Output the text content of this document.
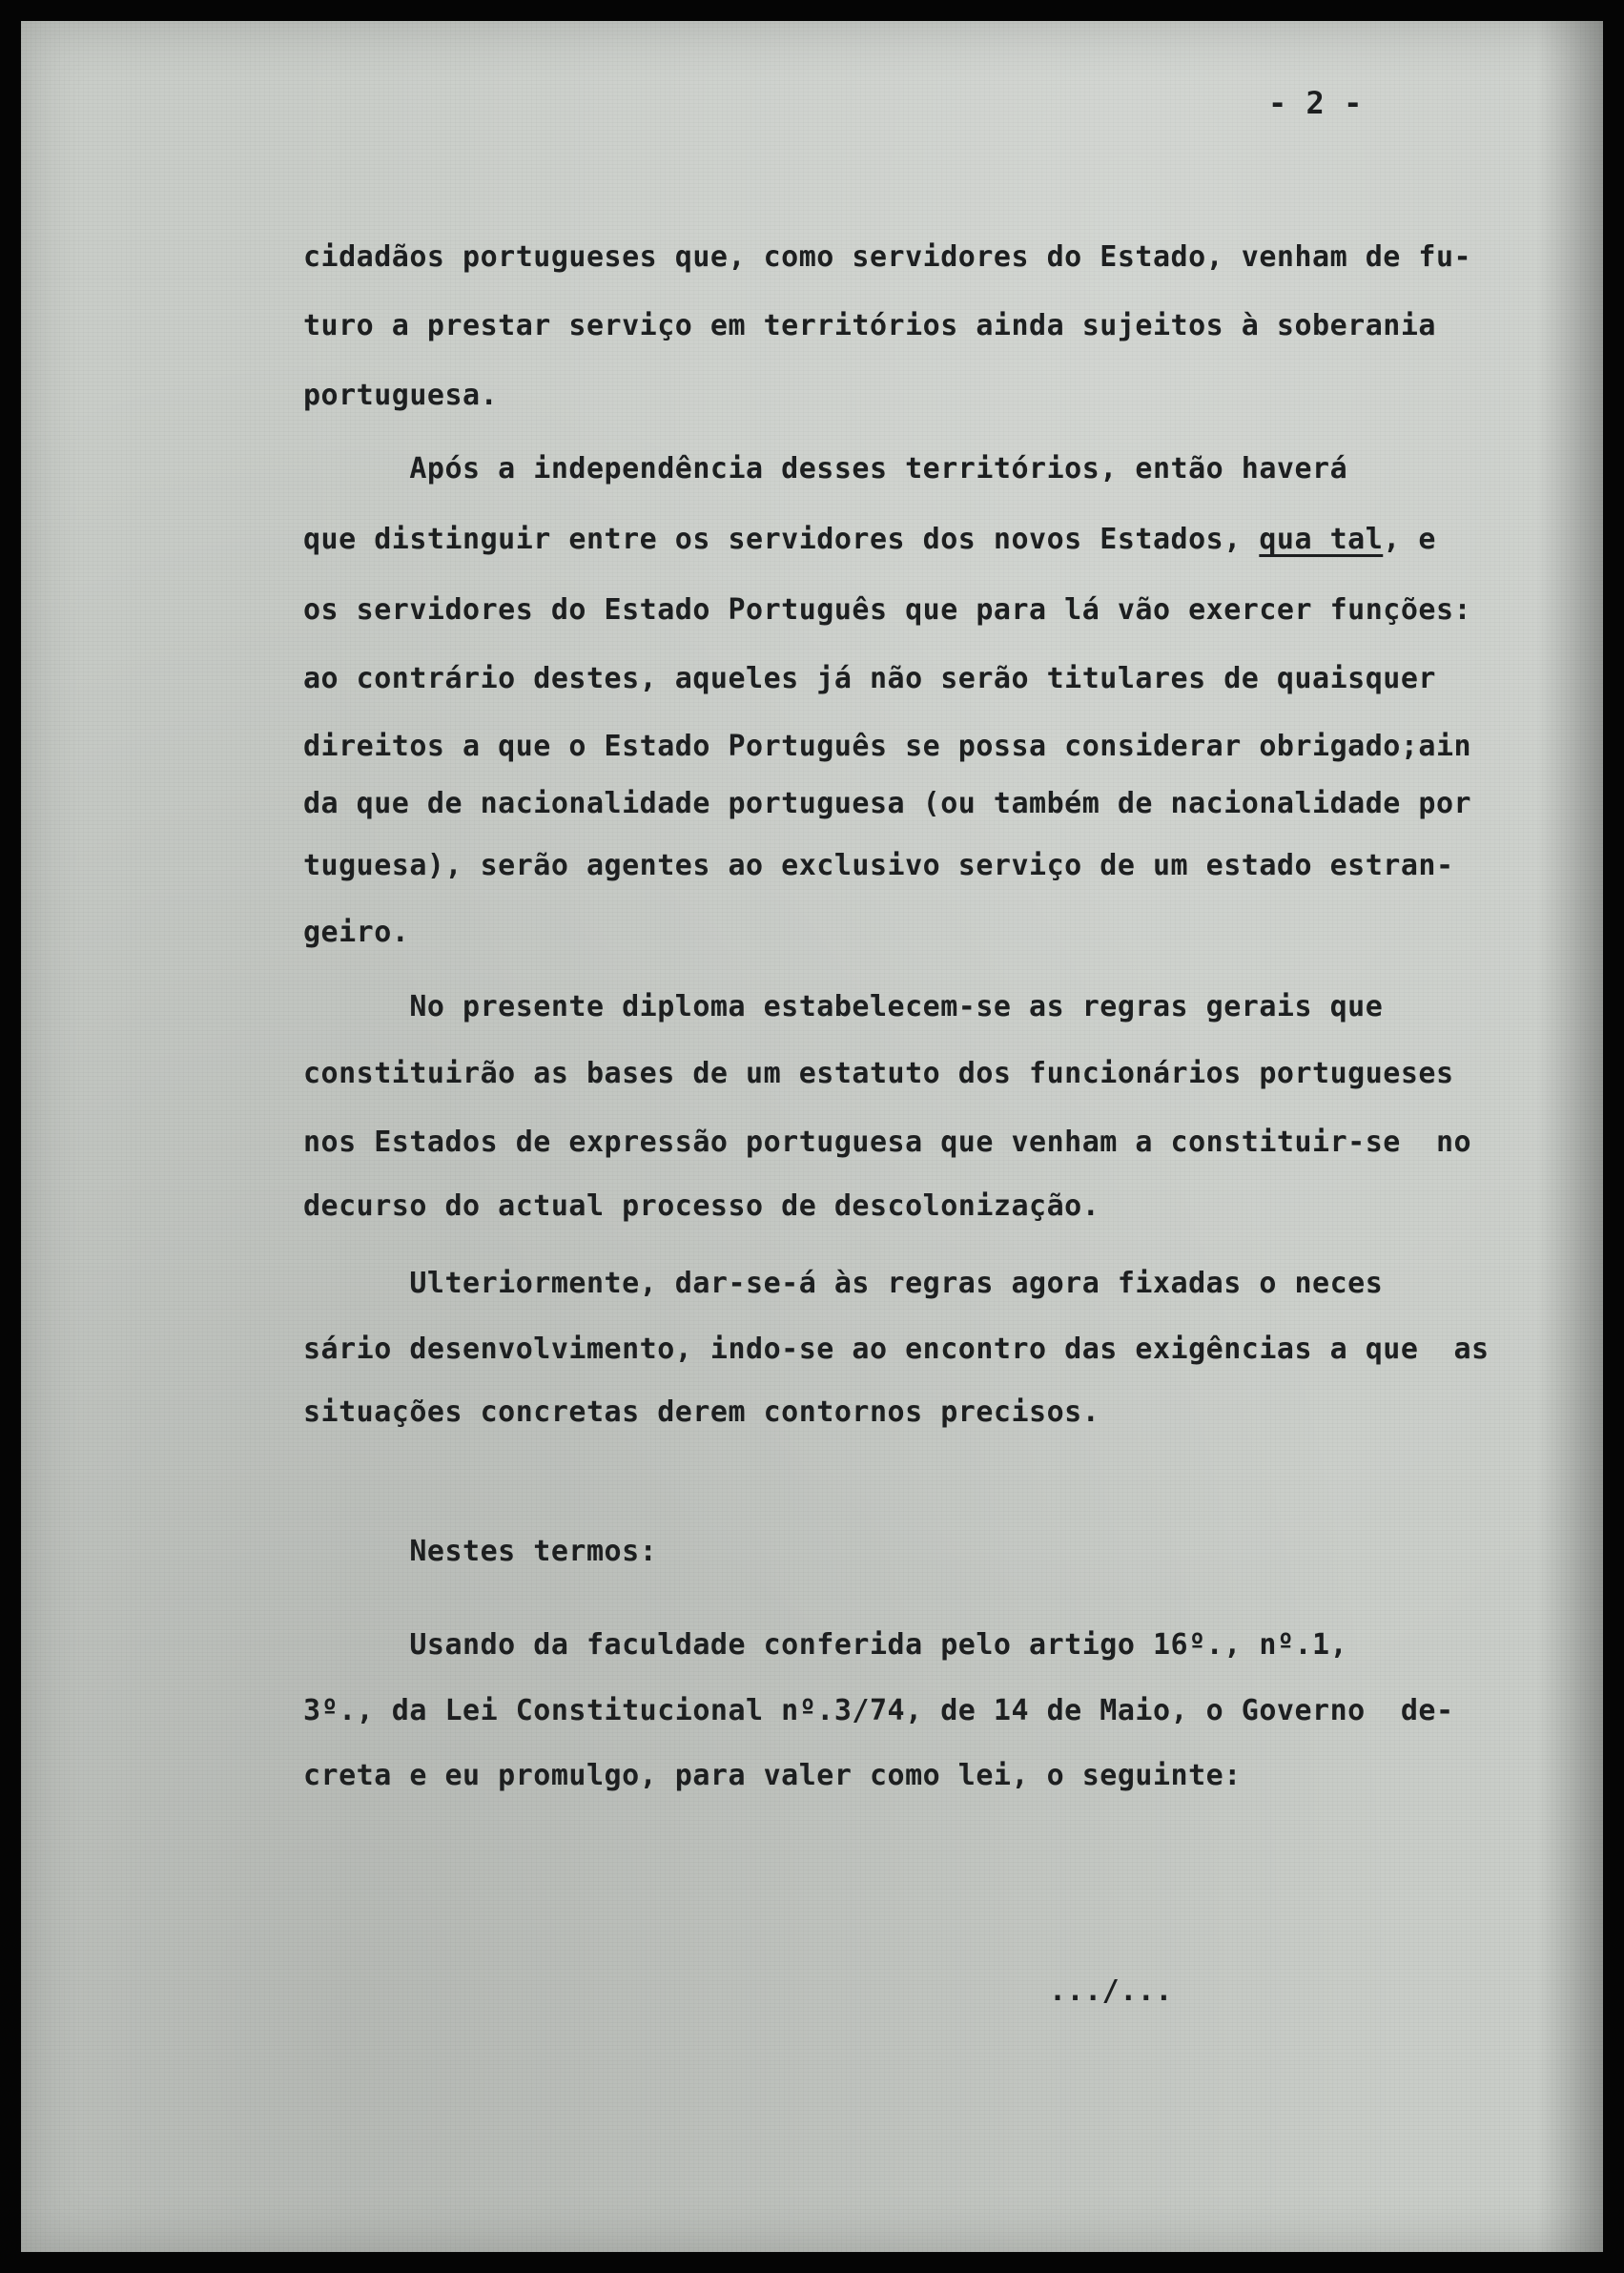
- 2 -
cidadãos portugueses que, como servidores do Estado, venham de fu-
turo a prestar serviço em territórios ainda sujeitos à soberania
portuguesa.
Após a independência desses territórios, então haverá
que distinguir entre os servidores dos novos Estados, qua tal, e
os servidores do Estado Português que para lá vão exercer funções:
ao contrário destes, aqueles já não serão titulares de quaisquer
direitos a que o Estado Português se possa considerar obrigado;ain
da que de nacionalidade portuguesa (ou também de nacionalidade por
tuguesa), serão agentes ao exclusivo serviço de um estado estran-
geiro.
No presente diploma estabelecem-se as regras gerais que
constituirão as bases de um estatuto dos funcionários portugueses
nos Estados de expressão portuguesa que venham a constituir-se  no
decurso do actual processo de descolonização.
Ulteriormente, dar-se-á às regras agora fixadas o neces
sário desenvolvimento, indo-se ao encontro das exigências a que  as
situações concretas derem contornos precisos.
Nestes termos:
Usando da faculdade conferida pelo artigo 16º., nº.1,
3º., da Lei Constitucional nº.3/74, de 14 de Maio, o Governo  de-
creta e eu promulgo, para valer como lei, o seguinte:
.../...
